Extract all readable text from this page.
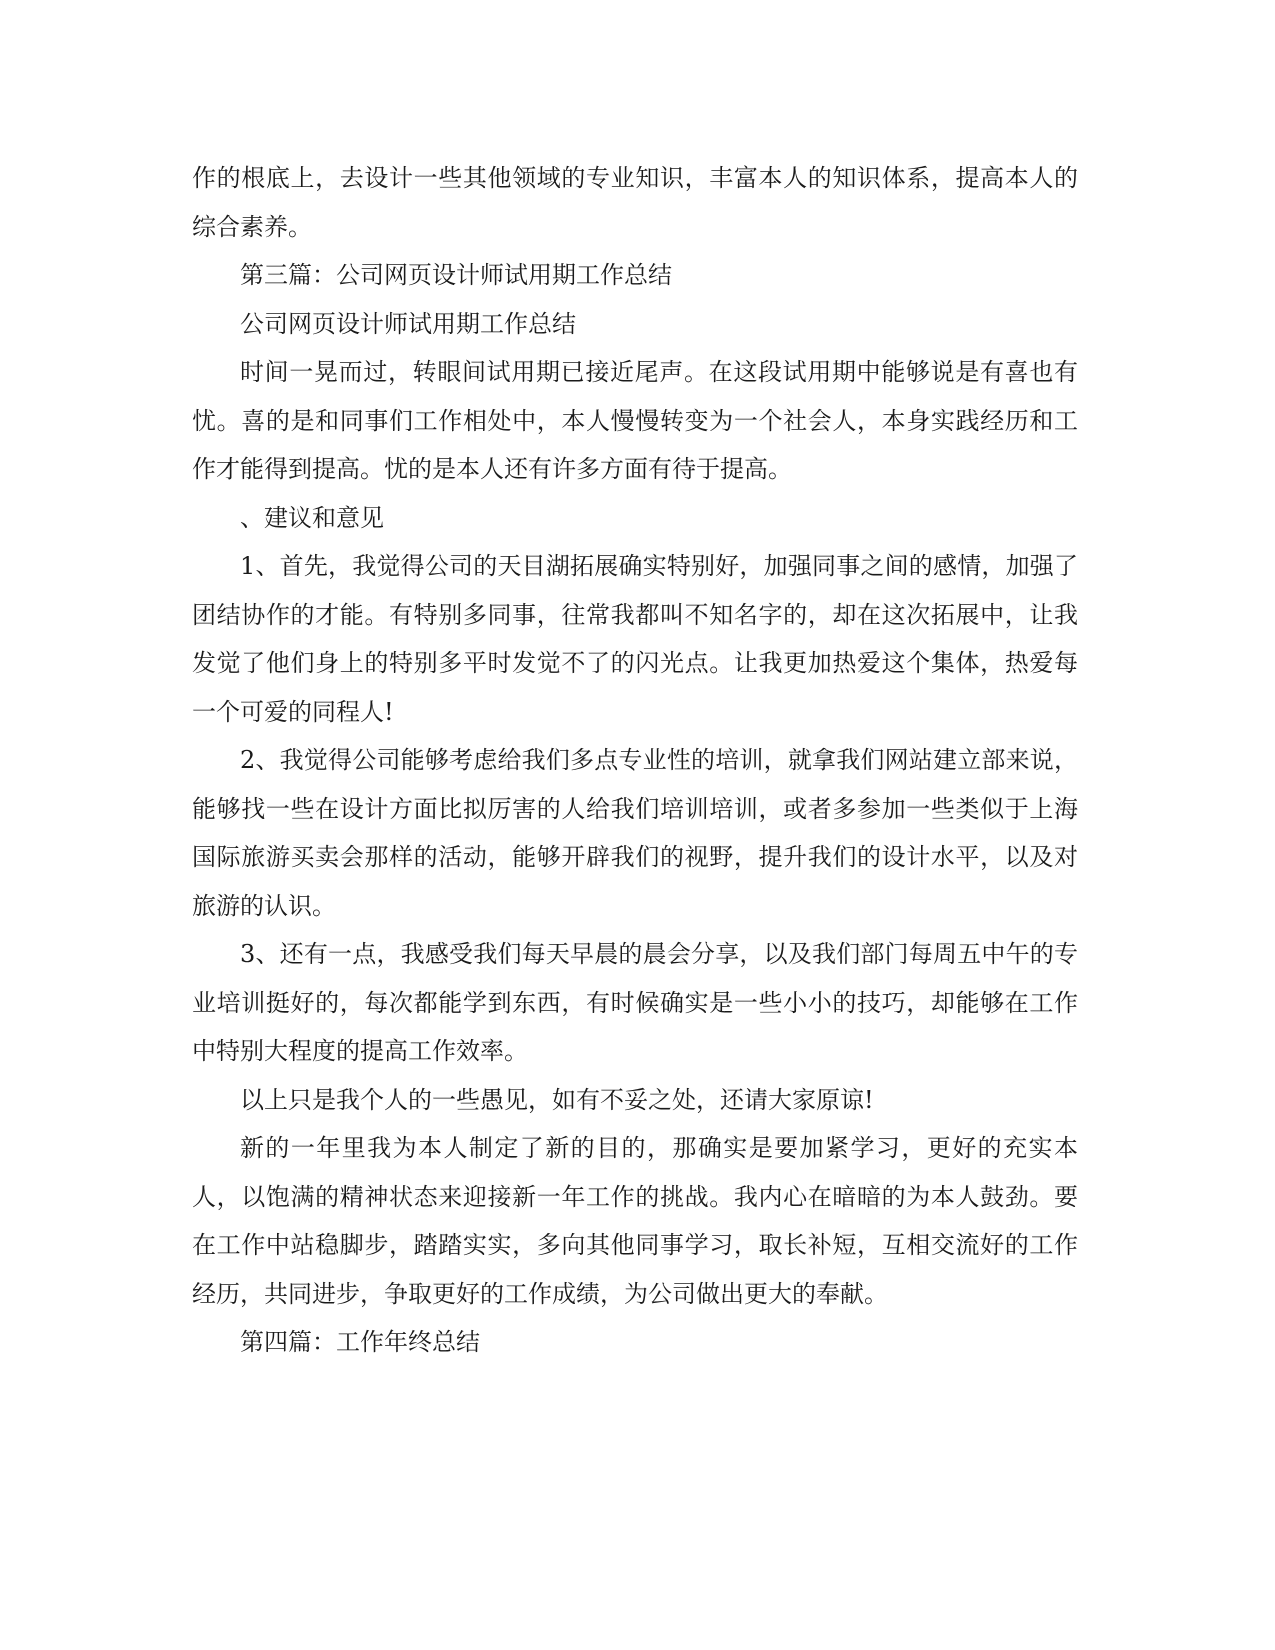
作的根底上，去设计一些其他领域的专业知识，丰富本人的知识体系，提高本人的综合素养。

第三篇：公司网页设计师试用期工作总结

公司网页设计师试用期工作总结

时间一晃而过，转眼间试用期已接近尾声。在这段试用期中能够说是有喜也有忧。喜的是和同事们工作相处中，本人慢慢转变为一个社会人，本身实践经历和工作才能得到提高。忧的是本人还有许多方面有待于提高。

、建议和意见

1、首先，我觉得公司的天目湖拓展确实特别好，加强同事之间的感情，加强了团结协作的才能。有特别多同事，往常我都叫不知名字的，却在这次拓展中，让我发觉了他们身上的特别多平时发觉不了的闪光点。让我更加热爱这个集体，热爱每一个可爱的同程人!

2、我觉得公司能够考虑给我们多点专业性的培训，就拿我们网站建立部来说，能够找一些在设计方面比拟厉害的人给我们培训培训，或者多参加一些类似于上海国际旅游买卖会那样的活动，能够开辟我们的视野，提升我们的设计水平，以及对旅游的认识。

3、还有一点，我感受我们每天早晨的晨会分享，以及我们部门每周五中午的专业培训挺好的，每次都能学到东西，有时候确实是一些小小的技巧，却能够在工作中特别大程度的提高工作效率。

以上只是我个人的一些愚见，如有不妥之处，还请大家原谅!

新的一年里我为本人制定了新的目的，那确实是要加紧学习，更好的充实本人，以饱满的精神状态来迎接新一年工作的挑战。我内心在暗暗的为本人鼓劲。要在工作中站稳脚步，踏踏实实，多向其他同事学习，取长补短，互相交流好的工作经历，共同进步，争取更好的工作成绩，为公司做出更大的奉献。

第四篇：工作年终总结
